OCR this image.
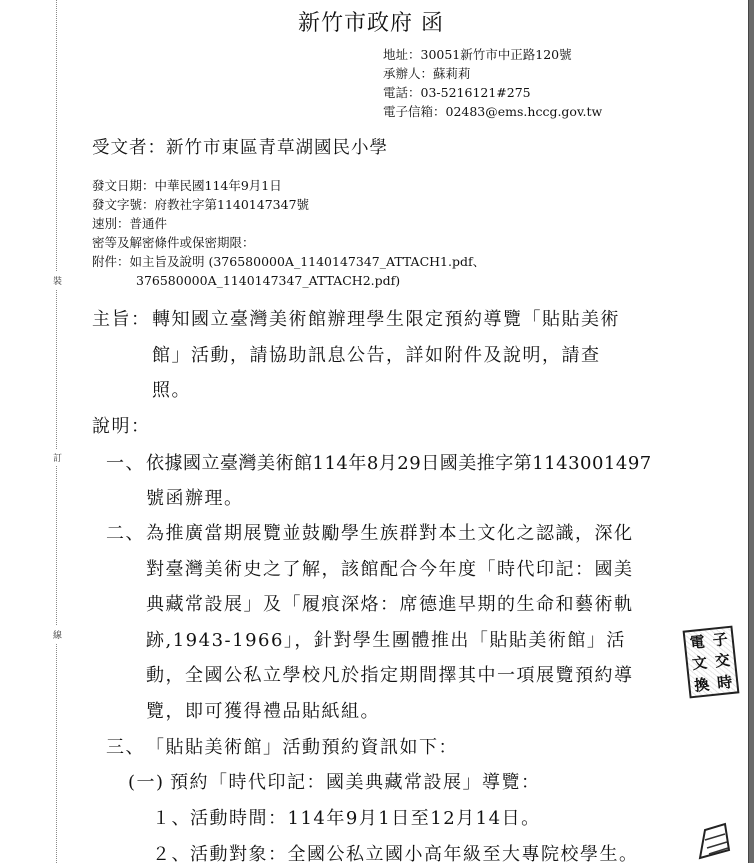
裝
訂
線
新竹市政府 函
地址：30051新竹市中正路120號
承辦人：蘇莉莉
電話：03-5216121#275
電子信箱：02483@ems.hccg.gov.tw
受文者：新竹市東區青草湖國民小學
發文日期：中華民國114年9月1日
發文字號：府教社字第1140147347號
速別：普通件
密等及解密條件或保密期限：
附件：如主旨及說明 (376580000A_1140147347_ATTACH1.pdf、
376580000A_1140147347_ATTACH2.pdf)
主旨： 轉知國立臺灣美術館辦理學生限定預約導覽「貼貼美術
館」活動，請協助訊息公告，詳如附件及說明，請查
照。
說明：
一、 依據國立臺灣美術館114年8月29日國美推字第1143001497
號函辦理。
二、 為推廣當期展覽並鼓勵學生族群對本土文化之認識，深化
對臺灣美術史之了解，該館配合今年度「時代印記：國美
典藏常設展」及「履痕深烙：席德進早期的生命和藝術軌
跡,1943-1966」，針對學生團體推出「貼貼美術館」活
動，全國公私立學校凡於指定期間擇其中一項展覽預約導
覽，即可獲得禮品貼紙組。
三、 「貼貼美術館」活動預約資訊如下：
(一) 預約「時代印記：國美典藏常設展」導覽：
１、 活動時間：114年9月1日至12月14日。
２、 活動對象：全國公私立國小高年級至大專院校學生。
電 子
文 交
換 時
